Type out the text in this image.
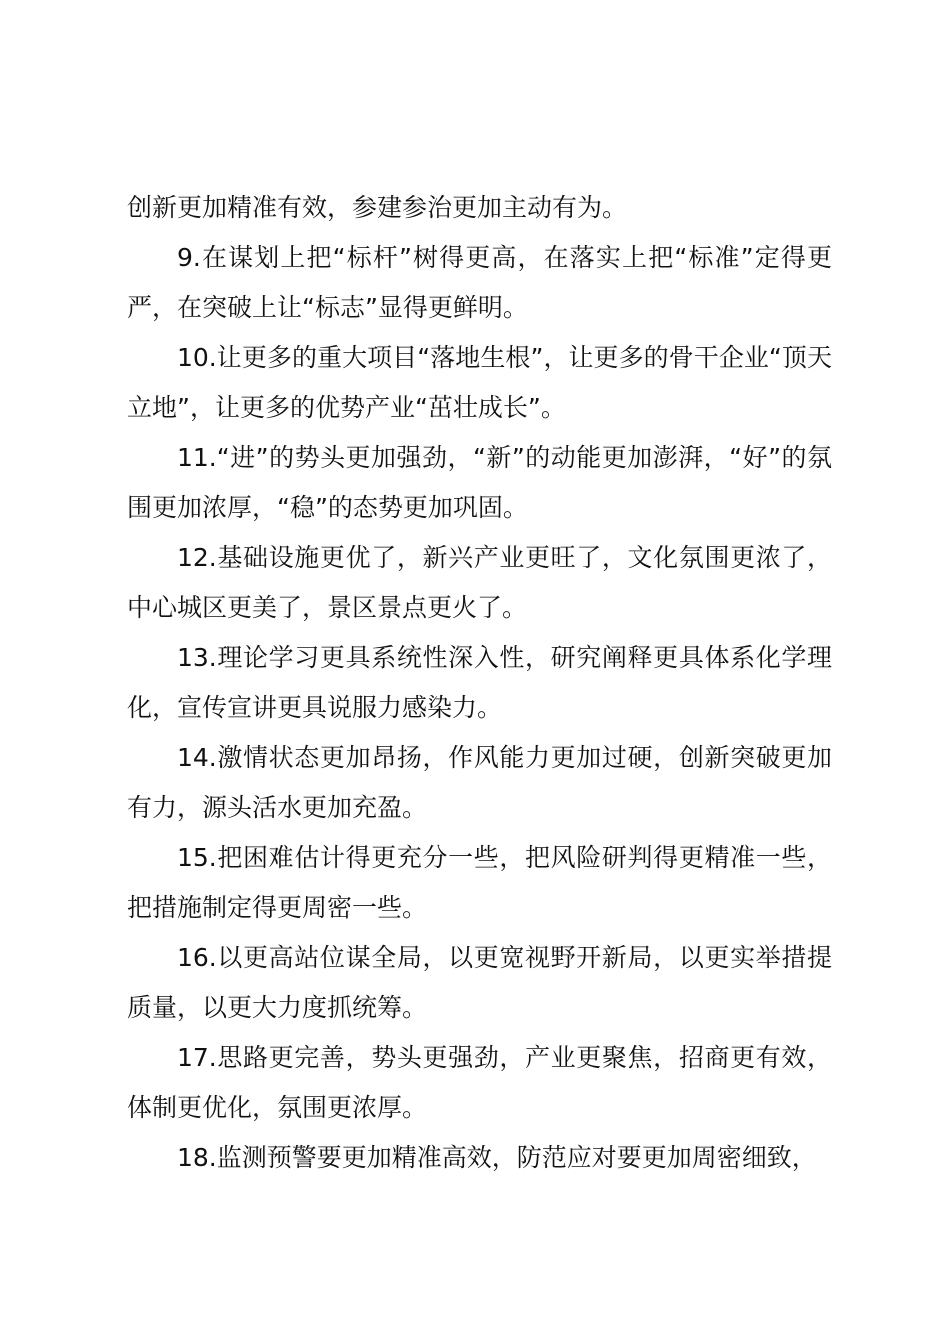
创新更加精准有效，参建参治更加主动有为。

9.在谋划上把“标杆”树得更高，在落实上把“标准”定得更严，在突破上让“标志”显得更鲜明。

10.让更多的重大项目“落地生根”，让更多的骨干企业“顶天立地”，让更多的优势产业“茁壮成长”。

11.“进”的势头更加强劲，“新”的动能更加澎湃，“好”的氛围更加浓厚，“稳”的态势更加巩固。

12.基础设施更优了，新兴产业更旺了，文化氛围更浓了，中心城区更美了，景区景点更火了。

13.理论学习更具系统性深入性，研究阐释更具体系化学理化，宣传宣讲更具说服力感染力。

14.激情状态更加昂扬，作风能力更加过硬，创新突破更加有力，源头活水更加充盈。

15.把困难估计得更充分一些，把风险研判得更精准一些，把措施制定得更周密一些。

16.以更高站位谋全局，以更宽视野开新局，以更实举措提质量，以更大力度抓统筹。

17.思路更完善，势头更强劲，产业更聚焦，招商更有效，体制更优化，氛围更浓厚。

18.监测预警要更加精准高效，防范应对要更加周密细致，
